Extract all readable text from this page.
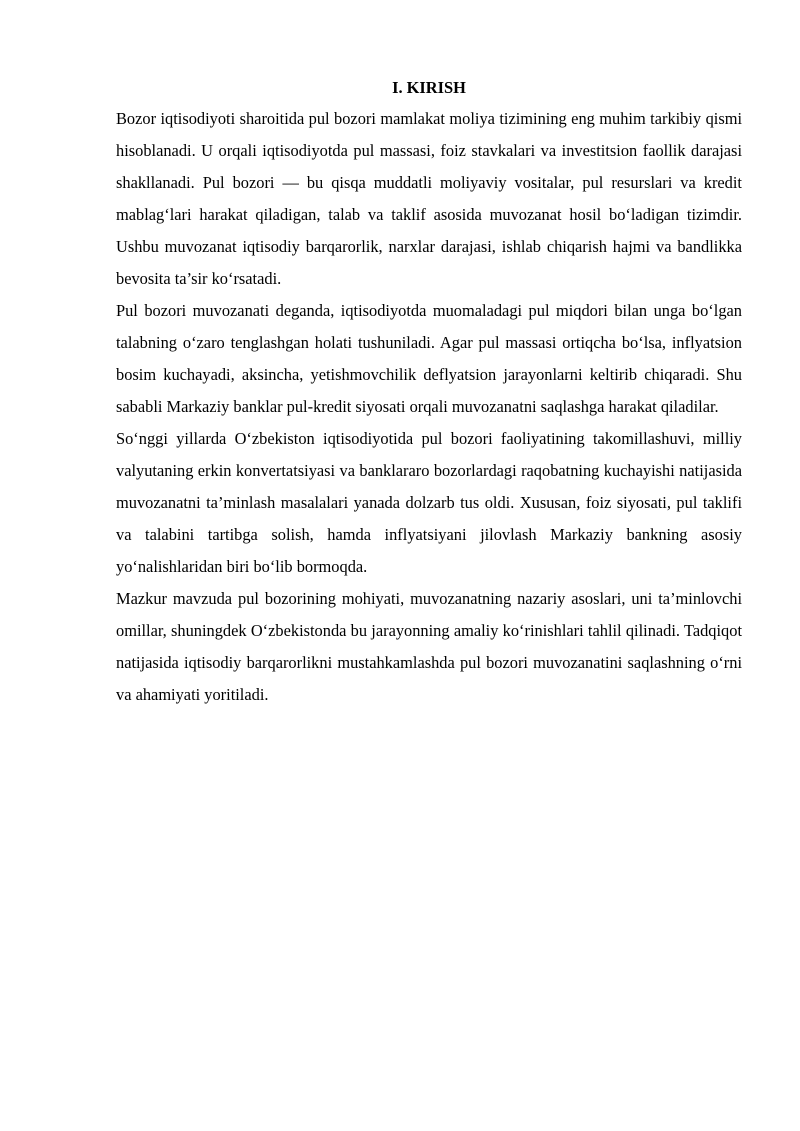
I. KIRISH

Bozor iqtisodiyoti sharoitida pul bozori mamlakat moliya tizimining eng muhim tarkibiy qismi hisoblanadi. U orqali iqtisodiyotda pul massasi, foiz stavkalari va investitsion faollik darajasi shakllanadi. Pul bozori — bu qisqa muddatli moliyaviy vositalar, pul resurslari va kredit mablag‘lari harakat qiladigan, talab va taklif asosida muvozanat hosil bo‘ladigan tizimdir. Ushbu muvozanat iqtisodiy barqarorlik, narxlar darajasi, ishlab chiqarish hajmi va bandlikka bevosita ta’sir ko‘rsatadi.

Pul bozori muvozanati deganda, iqtisodiyotda muomaladagi pul miqdori bilan unga bo‘lgan talabning o‘zaro tenglashgan holati tushuniladi. Agar pul massasi ortiqcha bo‘lsa, inflyatsion bosim kuchayadi, aksincha, yetishmovchilik deflyatsion jarayonlarni keltirib chiqaradi. Shu sababli Markaziy banklar pul-kredit siyosati orqali muvozanatni saqlashga harakat qiladilar.

So‘nggi yillarda O‘zbekiston iqtisodiyotida pul bozori faoliyatining takomillashuvi, milliy valyutaning erkin konvertatsiyasi va banklararo bozorlardagi raqobatning kuchayishi natijasida muvozanatni ta’minlash masalalari yanada dolzarb tus oldi. Xususan, foiz siyosati, pul taklifi va talabini tartibga solish, hamda inflyatsiyani jilovlash Markaziy bankning asosiy yo‘nalishlaridan biri bo‘lib bormoqda.

Mazkur mavzuda pul bozorining mohiyati, muvozanatning nazariy asoslari, uni ta’minlovchi omillar, shuningdek O‘zbekistonda bu jarayonning amaliy ko‘rinishlari tahlil qilinadi. Tadqiqot natijasida iqtisodiy barqarorlikni mustahkamlashda pul bozori muvozanatini saqlashning o‘rni va ahamiyati yoritiladi.
